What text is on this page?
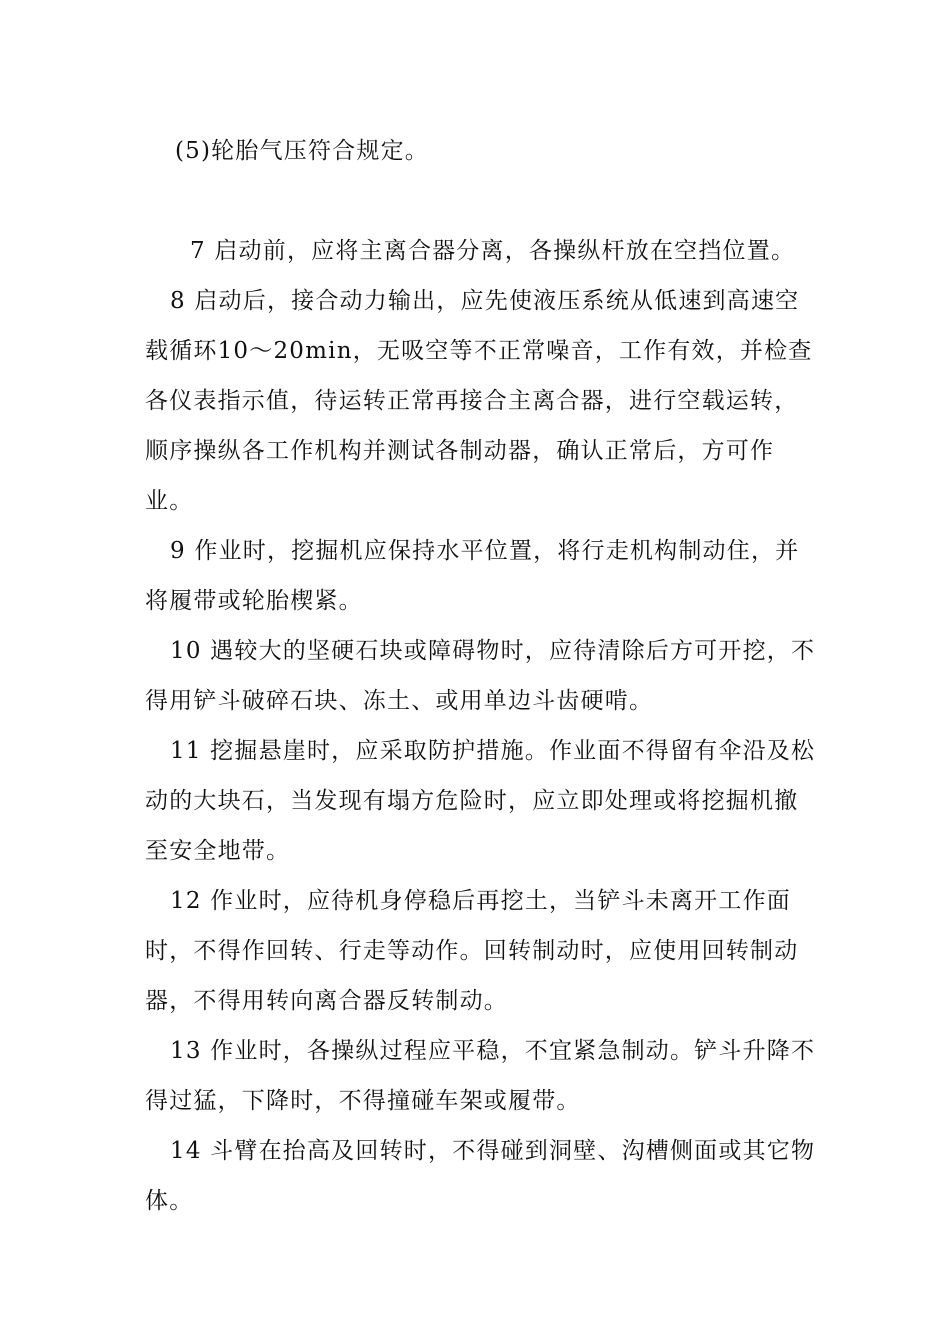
(5)轮胎气压符合规定。
7 启动前，应将主离合器分离，各操纵杆放在空挡位置。
8 启动后，接合动力输出，应先使液压系统从低速到高速空
载循环10～20min，无吸空等不正常噪音，工作有效，并检查
各仪表指示值，待运转正常再接合主离合器，进行空载运转，
顺序操纵各工作机构并测试各制动器，确认正常后，方可作
业。
9 作业时，挖掘机应保持水平位置，将行走机构制动住，并
将履带或轮胎楔紧。
10 遇较大的坚硬石块或障碍物时，应待清除后方可开挖，不
得用铲斗破碎石块、冻土、或用单边斗齿硬啃。
11 挖掘悬崖时，应采取防护措施。作业面不得留有伞沿及松
动的大块石，当发现有塌方危险时，应立即处理或将挖掘机撤
至安全地带。
12 作业时，应待机身停稳后再挖土，当铲斗未离开工作面
时，不得作回转、行走等动作。回转制动时，应使用回转制动
器，不得用转向离合器反转制动。
13 作业时，各操纵过程应平稳，不宜紧急制动。铲斗升降不
得过猛，下降时，不得撞碰车架或履带。
14 斗臂在抬高及回转时，不得碰到洞壁、沟槽侧面或其它物
体。
